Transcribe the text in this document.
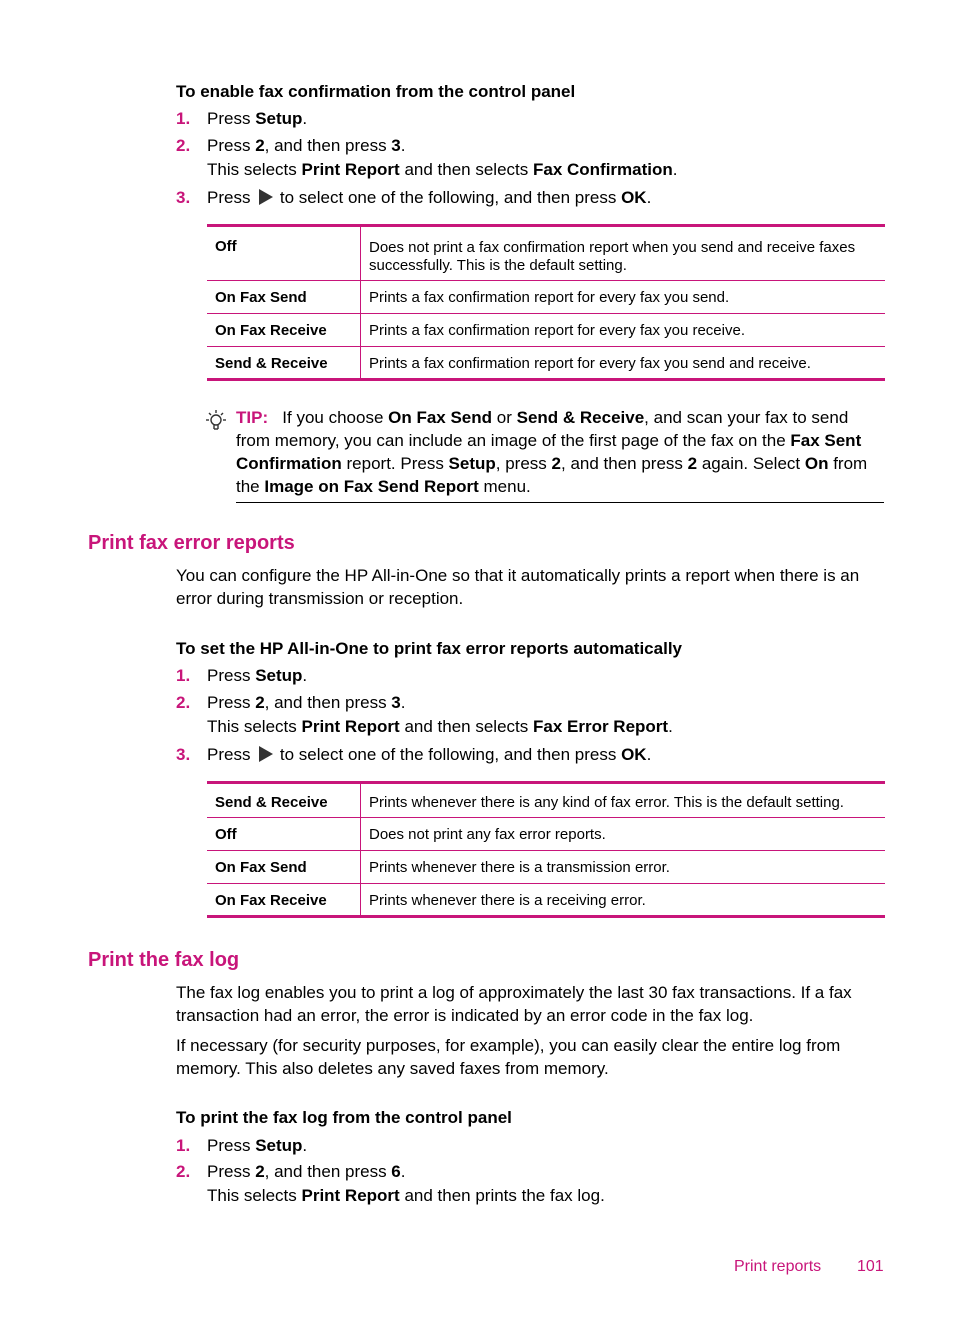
To enable fax confirmation from the control panel
1. Press Setup.
2. Press 2, and then press 3.
This selects Print Report and then selects Fax Confirmation.
3. Press  to select one of the following, and then press OK.
Off	Does not print a fax confirmation report when you send and receive faxes successfully. This is the default setting.
On Fax Send	Prints a fax confirmation report for every fax you send.
On Fax Receive	Prints a fax confirmation report for every fax you receive.
Send & Receive	Prints a fax confirmation report for every fax you send and receive.
TIP: If you choose On Fax Send or Send & Receive, and scan your fax to send from memory, you can include an image of the first page of the fax on the Fax Sent Confirmation report. Press Setup, press 2, and then press 2 again. Select On from the Image on Fax Send Report menu.
Print fax error reports
You can configure the HP All-in-One so that it automatically prints a report when there is an error during transmission or reception.
To set the HP All-in-One to print fax error reports automatically
1. Press Setup.
2. Press 2, and then press 3.
This selects Print Report and then selects Fax Error Report.
3. Press  to select one of the following, and then press OK.
Send & Receive	Prints whenever there is any kind of fax error. This is the default setting.
Off	Does not print any fax error reports.
On Fax Send	Prints whenever there is a transmission error.
On Fax Receive	Prints whenever there is a receiving error.
Print the fax log
The fax log enables you to print a log of approximately the last 30 fax transactions. If a fax transaction had an error, the error is indicated by an error code in the fax log.
If necessary (for security purposes, for example), you can easily clear the entire log from memory. This also deletes any saved faxes from memory.
To print the fax log from the control panel
1. Press Setup.
2. Press 2, and then press 6.
This selects Print Report and then prints the fax log.
Print reports 101
